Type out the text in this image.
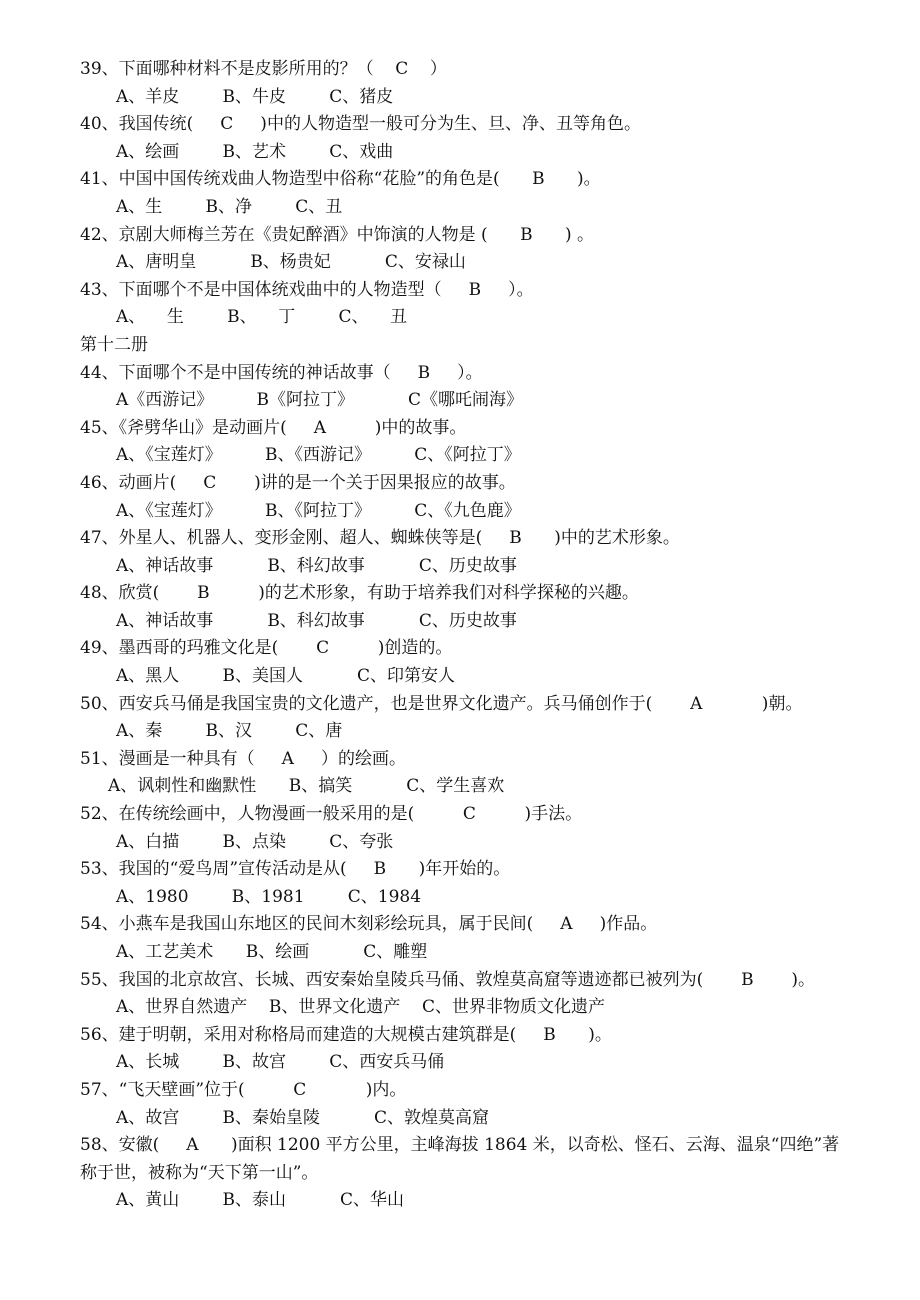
39、下面哪种材料不是皮影所用的？（    C    ）
A、羊皮        B、牛皮        C、猪皮
40、我国传统(     C     )中的人物造型一般可分为生、旦、净、丑等角色。
A、绘画        B、艺术        C、戏曲
41、中国中国传统戏曲人物造型中俗称“花脸”的角色是(      B      )。
A、生        B、净        C、丑
42、京剧大师梅兰芳在《贵妃醉酒》中饰演的人物是 (      B      ) 。
A、唐明皇          B、杨贵妃          C、安禄山
43、下面哪个不是中国体统戏曲中的人物造型（     B     ）。
A、    生        B、    丁        C、    丑
第十二册
44、下面哪个不是中国传统的神话故事（     B     ）。
A《西游记》        B《阿拉丁》          C《哪吒闹海》
45、《斧劈华山》是动画片(     A         )中的故事。
A、《宝莲灯》        B、《西游记》        C、《阿拉丁》
46、动画片(     C       )讲的是一个关于因果报应的故事。
A、《宝莲灯》        B、《阿拉丁》        C、《九色鹿》
47、外星人、机器人、变形金刚、超人、蜘蛛侠等是(     B      )中的艺术形象。
A、神话故事          B、科幻故事          C、历史故事
48、欣赏(       B         )的艺术形象，有助于培养我们对科学探秘的兴趣。
A、神话故事          B、科幻故事          C、历史故事
49、墨西哥的玛雅文化是(       C         )创造的。
A、黑人        B、美国人          C、印第安人
50、西安兵马俑是我国宝贵的文化遗产，也是世界文化遗产。兵马俑创作于(       A           )朝。
A、秦        B、汉        C、唐
51、漫画是一种具有（     A     ）的绘画。
A、讽刺性和幽默性      B、搞笑          C、学生喜欢
52、在传统绘画中，人物漫画一般采用的是(         C         )手法。
A、白描        B、点染        C、夸张
53、我国的“爱鸟周”宣传活动是从(     B      )年开始的。
A、1980        B、1981        C、1984
54、小燕车是我国山东地区的民间木刻彩绘玩具，属于民间(     A     )作品。
A、工艺美术      B、绘画          C、雕塑
55、我国的北京故宫、长城、西安秦始皇陵兵马俑、敦煌莫高窟等遗迹都已被列为(       B       )。
A、世界自然遗产    B、世界文化遗产    C、世界非物质文化遗产
56、建于明朝，采用对称格局而建造的大规模古建筑群是(     B      )。
A、长城        B、故宫        C、西安兵马俑
57、“飞天壁画”位于(         C           )内。
A、故宫        B、秦始皇陵          C、敦煌莫高窟
58、安徽(     A      )面积 1200 平方公里，主峰海拔 1864 米，以奇松、怪石、云海、温泉“四绝”著
称于世，被称为“天下第一山”。
A、黄山        B、泰山          C、华山
